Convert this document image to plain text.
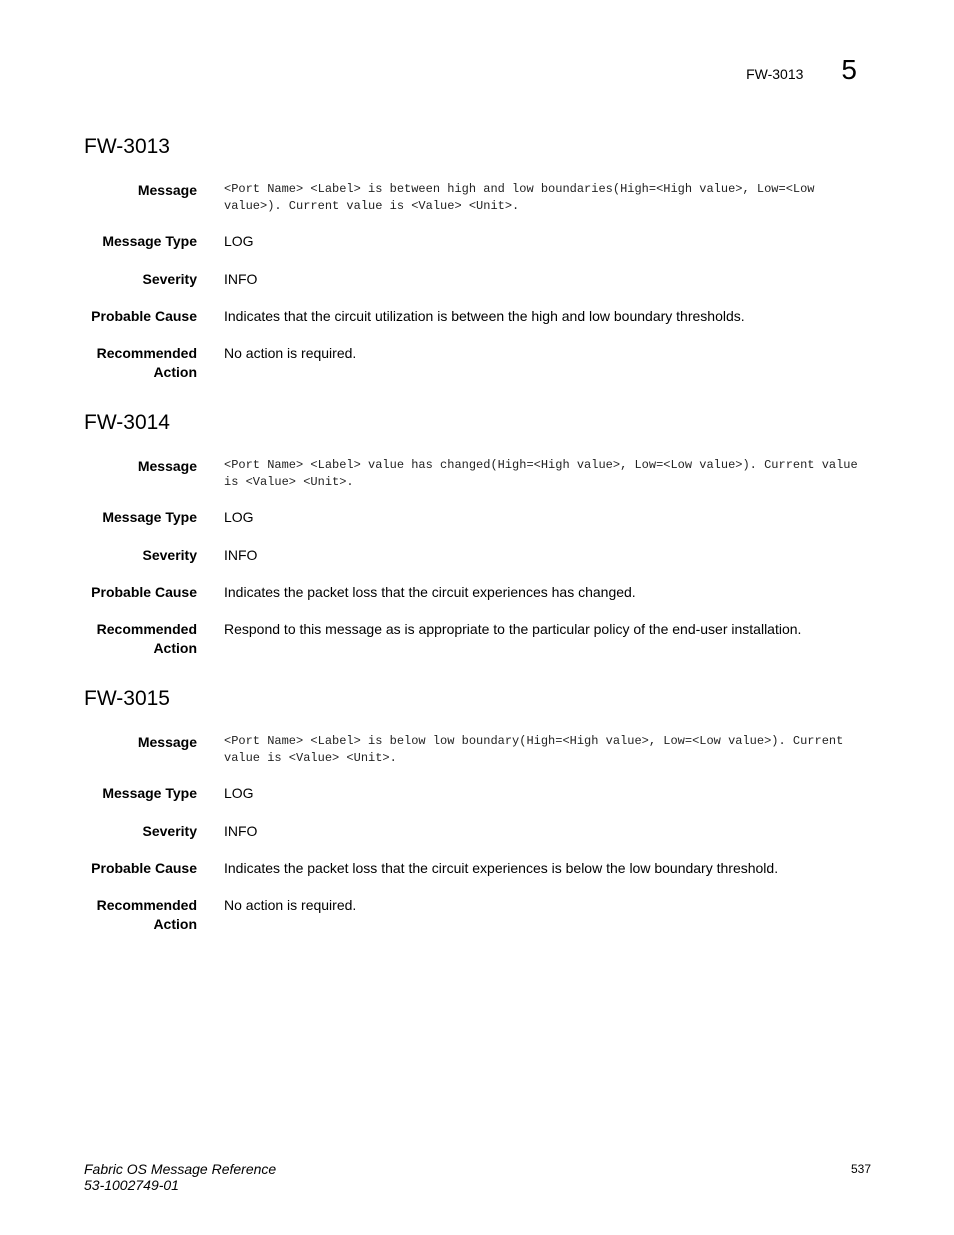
FW-3013 5
FW-3013
Message <Port Name> <Label> is between high and low boundaries(High=<High value>, Low=<Low value>). Current value is <Value> <Unit>.
Message Type LOG
Severity INFO
Probable Cause Indicates that the circuit utilization is between the high and low boundary thresholds.
Recommended
Action
No action is required.
FW-3014
Message <Port Name> <Label> value has changed(High=<High value>, Low=<Low value>). Current value is <Value> <Unit>.
Message Type LOG
Severity INFO
Probable Cause Indicates the packet loss that the circuit experiences has changed.
Recommended
Action
Respond to this message as is appropriate to the particular policy of the end-user installation.
FW-3015
Message <Port Name> <Label> is below low boundary(High=<High value>, Low=<Low value>). Current value is <Value> <Unit>.
Message Type LOG
Severity INFO
Probable Cause Indicates the packet loss that the circuit experiences is below the low boundary threshold.
Recommended
Action
No action is required.
Fabric OS Message Reference
53-1002749-01
537
